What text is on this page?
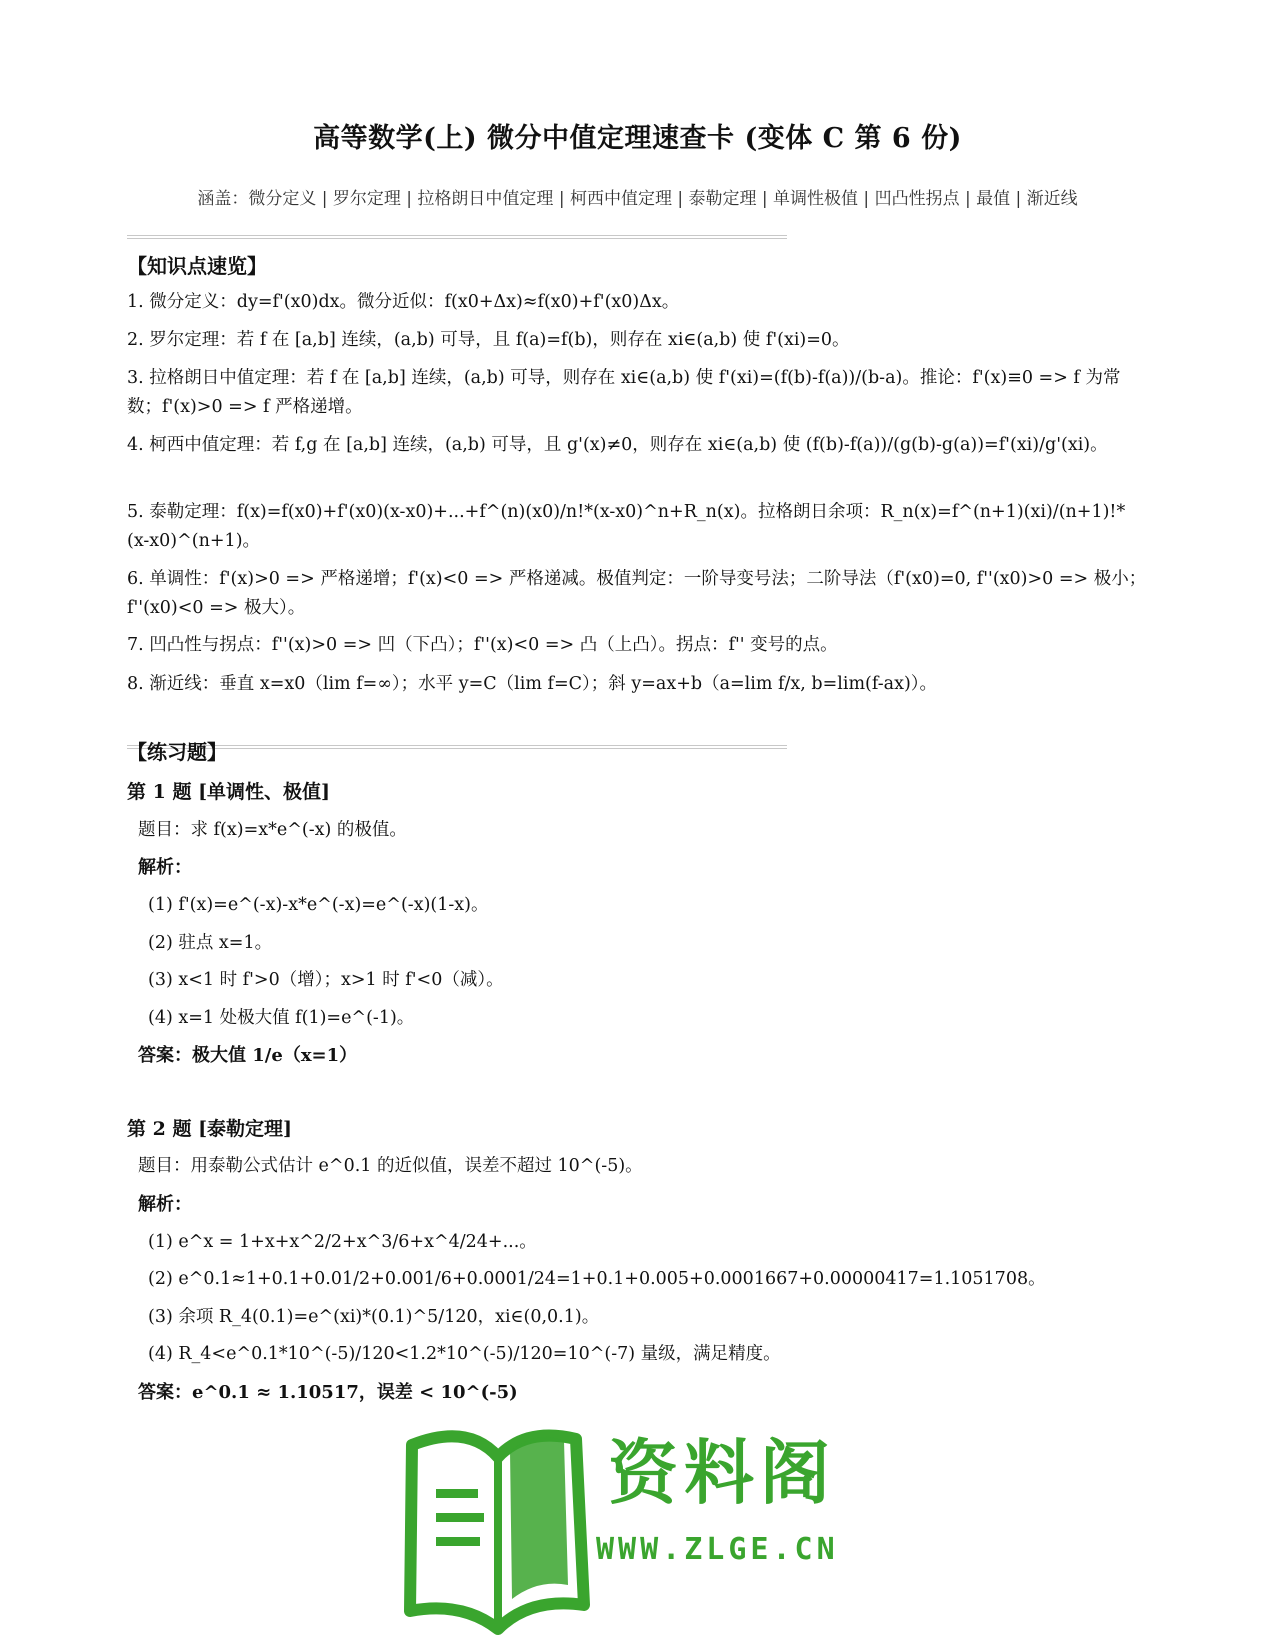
高等数学(上) 微分中值定理速查卡 (变体 C 第 6 份)
涵盖：微分定义 | 罗尔定理 | 拉格朗日中值定理 | 柯西中值定理 | 泰勒定理 | 单调性极值 | 凹凸性拐点 | 最值 | 渐近线
【知识点速览】

1. 微分定义：dy=f'(x0)dx。微分近似：f(x0+Δx)≈f(x0)+f'(x0)Δx。

2. 罗尔定理：若 f 在 [a,b] 连续，(a,b) 可导，且 f(a)=f(b)，则存在 xi∈(a,b) 使 f'(xi)=0。

3. 拉格朗日中值定理：若 f 在 [a,b] 连续，(a,b) 可导，则存在 xi∈(a,b) 使 f'(xi)=(f(b)-f(a))/(b-a)。推论：f'(x)≡0 => f 为常数；f'(x)>0 => f 严格递增。

4. 柯西中值定理：若 f,g 在 [a,b] 连续，(a,b) 可导，且 g'(x)≠0，则存在 xi∈(a,b) 使 (f(b)-f(a))/(g(b)-g(a))=f'(xi)/g'(xi)。

5. 泰勒定理：f(x)=f(x0)+f'(x0)(x-x0)+...+f^(n)(x0)/n!*(x-x0)^n+R_n(x)。拉格朗日余项：R_n(x)=f^(n+1)(xi)/(n+1)!*(x-x0)^(n+1)。

6. 单调性：f'(x)>0 => 严格递增；f'(x)<0 => 严格递减。极值判定：一阶导变号法；二阶导法（f'(x0)=0, f''(x0)>0 => 极小；f''(x0)<0 => 极大）。

7. 凹凸性与拐点：f''(x)>0 => 凹（下凸）；f''(x)<0 => 凸（上凸）。拐点：f'' 变号的点。

8. 渐近线：垂直 x=x0（lim f=∞）；水平 y=C（lim f=C）；斜 y=ax+b（a=lim f/x, b=lim(f-ax)）。

【练习题】
第 1 题 [单调性、极值]
题目：求 f(x)=x*e^(-x) 的极值。
解析：
(1) f'(x)=e^(-x)-x*e^(-x)=e^(-x)(1-x)。
(2) 驻点 x=1。
(3) x<1 时 f'>0（增）；x>1 时 f'<0（减）。
(4) x=1 处极大值 f(1)=e^(-1)。
答案：极大值 1/e（x=1）
第 2 题 [泰勒定理]
题目：用泰勒公式估计 e^0.1 的近似值，误差不超过 10^(-5)。
解析：
(1) e^x = 1+x+x^2/2+x^3/6+x^4/24+...。
(2) e^0.1≈1+0.1+0.01/2+0.001/6+0.0001/24=1+0.1+0.005+0.0001667+0.00000417=1.1051708。
(3) 余项 R_4(0.1)=e^(xi)*(0.1)^5/120，xi∈(0,0.1)。
(4) R_4<e^0.1*10^(-5)/120<1.2*10^(-5)/120=10^(-7) 量级，满足精度。
答案：e^0.1 ≈ 1.10517，误差 < 10^(-5)
资料阁
WWW.ZLGE.CN
